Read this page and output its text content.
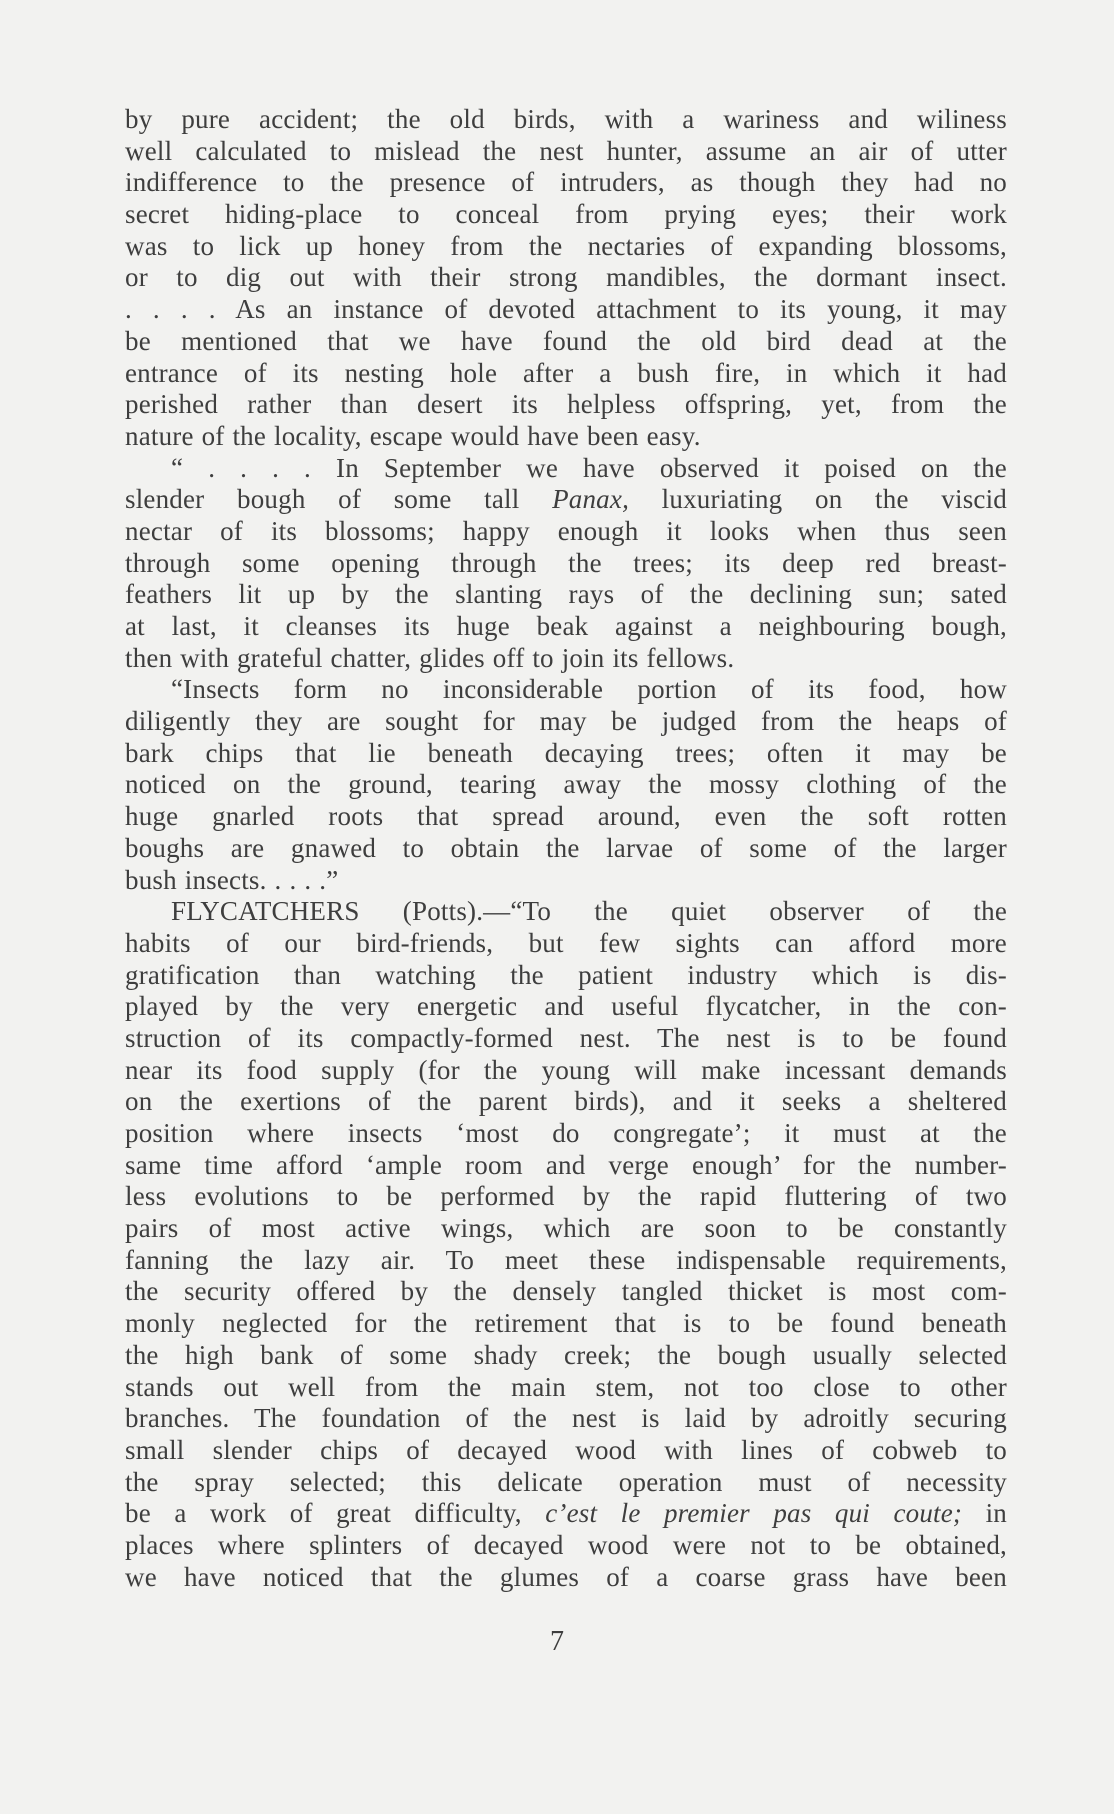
by pure accident; the old birds, with a wariness and wiliness
well calculated to mislead the nest hunter, assume an air of utter
indifference to the presence of intruders, as though they had no
secret hiding-place to conceal from prying eyes; their work
was to lick up honey from the nectaries of expanding blossoms,
or to dig out with their strong mandibles, the dormant insect.
. . . . As an instance of devoted attachment to its young, it may
be mentioned that we have found the old bird dead at the
entrance of its nesting hole after a bush fire, in which it had
perished rather than desert its helpless offspring, yet, from the
nature of the locality, escape would have been easy.
“ . . . . In September we have observed it poised on the
slender bough of some tall Panax, luxuriating on the viscid
nectar of its blossoms; happy enough it looks when thus seen
through some opening through the trees; its deep red breast-
feathers lit up by the slanting rays of the declining sun; sated
at last, it cleanses its huge beak against a neighbouring bough,
then with grateful chatter, glides off to join its fellows.
“Insects form no inconsiderable portion of its food, how
diligently they are sought for may be judged from the heaps of
bark chips that lie beneath decaying trees; often it may be
noticed on the ground, tearing away the mossy clothing of the
huge gnarled roots that spread around, even the soft rotten
boughs are gnawed to obtain the larvae of some of the larger
bush insects. . . . .”
FLYCATCHERS (Potts).—“To the quiet observer of the
habits of our bird-friends, but few sights can afford more
gratification than watching the patient industry which is dis-
played by the very energetic and useful flycatcher, in the con-
struction of its compactly-formed nest. The nest is to be found
near its food supply (for the young will make incessant demands
on the exertions of the parent birds), and it seeks a sheltered
position where insects ‘most do congregate’; it must at the
same time afford ‘ample room and verge enough’ for the number-
less evolutions to be performed by the rapid fluttering of two
pairs of most active wings, which are soon to be constantly
fanning the lazy air. To meet these indispensable requirements,
the security offered by the densely tangled thicket is most com-
monly neglected for the retirement that is to be found beneath
the high bank of some shady creek; the bough usually selected
stands out well from the main stem, not too close to other
branches. The foundation of the nest is laid by adroitly securing
small slender chips of decayed wood with lines of cobweb to
the spray selected; this delicate operation must of necessity
be a work of great difficulty, c’est le premier pas qui coute; in
places where splinters of decayed wood were not to be obtained,
we have noticed that the glumes of a coarse grass have been
7
